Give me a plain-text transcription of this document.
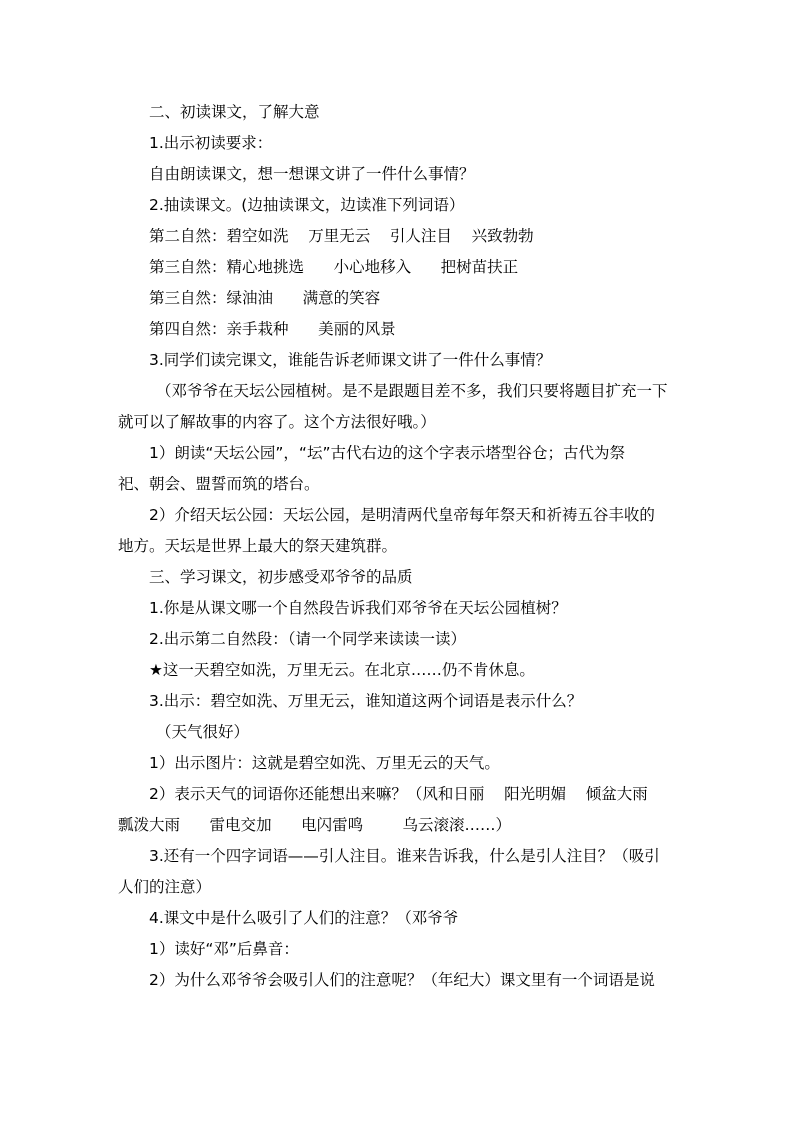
二、初读课文，了解大意
1.出示初读要求：
自由朗读课文，想一想课文讲了一件什么事情？
2.抽读课文。(边抽读课文，边读准下列词语）
第二自然：碧空如洗    万里无云    引人注目    兴致勃勃
第三自然：精心地挑选      小心地移入      把树苗扶正
第三自然：绿油油      满意的笑容
第四自然：亲手栽种      美丽的风景
3.同学们读完课文，谁能告诉老师课文讲了一件什么事情？
（邓爷爷在天坛公园植树。是不是跟题目差不多，我们只要将题目扩充一下
就可以了解故事的内容了。这个方法很好哦。）
1）朗读“天坛公园”，“坛”古代右边的这个字表示塔型谷仓；古代为祭
祀、朝会、盟誓而筑的塔台。
2）介绍天坛公园：天坛公园，是明清两代皇帝每年祭天和祈祷五谷丰收的
地方。天坛是世界上最大的祭天建筑群。
三、学习课文，初步感受邓爷爷的品质
1.你是从课文哪一个自然段告诉我们邓爷爷在天坛公园植树？
2.出示第二自然段：（请一个同学来读读一读）
★这一天碧空如洗，万里无云。在北京……仍不肯休息。
3.出示：碧空如洗、万里无云，谁知道这两个词语是表示什么？
（天气很好）
1）出示图片：这就是碧空如洗、万里无云的天气。
2）表示天气的词语你还能想出来嘛？（风和日丽    阳光明媚    倾盆大雨
瓢泼大雨      雷电交加      电闪雷鸣        乌云滚滚……）
3.还有一个四字词语——引人注目。谁来告诉我，什么是引人注目？（吸引
人们的注意）
4.课文中是什么吸引了人们的注意？（邓爷爷
1）读好“邓”后鼻音：
2）为什么邓爷爷会吸引人们的注意呢？（年纪大）课文里有一个词语是说
